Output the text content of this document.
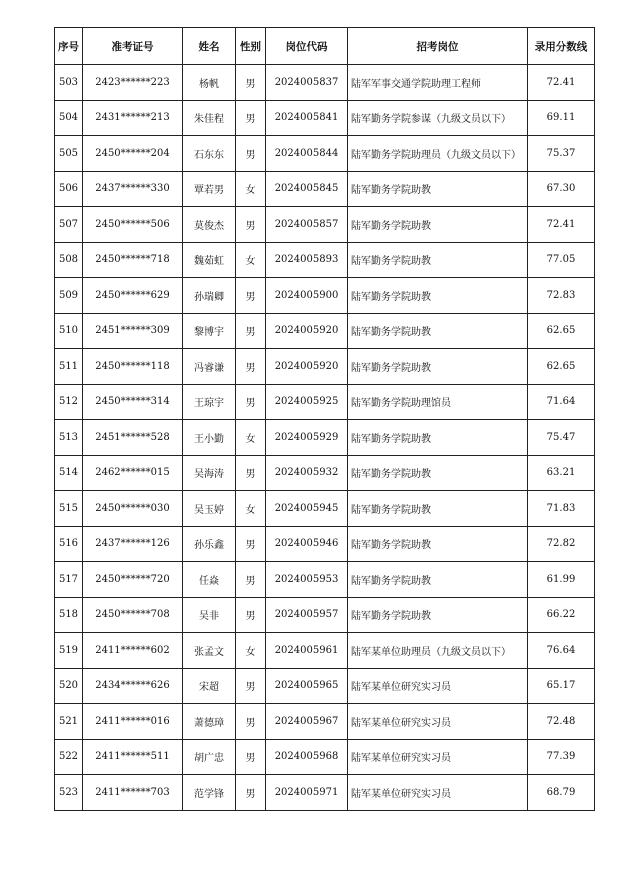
序号	准考证号	姓名	性别	岗位代码	招考岗位	录用分数线
503	2423******223	杨帆	男	2024005837	陆军军事交通学院助理工程师	72.41
504	2431******213	朱佳程	男	2024005841	陆军勤务学院参谋（九级文员以下）	69.11
505	2450******204	石东东	男	2024005844	陆军勤务学院助理员（九级文员以下）	75.37
506	2437******330	覃若男	女	2024005845	陆军勤务学院助教	67.30
507	2450******506	莫俊杰	男	2024005857	陆军勤务学院助教	72.41
508	2450******718	魏茹虹	女	2024005893	陆军勤务学院助教	77.05
509	2450******629	孙瑞卿	男	2024005900	陆军勤务学院助教	72.83
510	2451******309	黎博宇	男	2024005920	陆军勤务学院助教	62.65
511	2450******118	冯睿谦	男	2024005920	陆军勤务学院助教	62.65
512	2450******314	王琼宇	男	2024005925	陆军勤务学院助理馆员	71.64
513	2451******528	王小勤	女	2024005929	陆军勤务学院助教	75.47
514	2462******015	吴海涛	男	2024005932	陆军勤务学院助教	63.21
515	2450******030	吴玉婷	女	2024005945	陆军勤务学院助教	71.83
516	2437******126	孙乐鑫	男	2024005946	陆军勤务学院助教	72.82
517	2450******720	任焱	男	2024005953	陆军勤务学院助教	61.99
518	2450******708	吴非	男	2024005957	陆军勤务学院助教	66.22
519	2411******602	张孟文	女	2024005961	陆军某单位助理员（九级文员以下）	76.64
520	2434******626	宋超	男	2024005965	陆军某单位研究实习员	65.17
521	2411******016	萧德璋	男	2024005967	陆军某单位研究实习员	72.48
522	2411******511	胡广忠	男	2024005968	陆军某单位研究实习员	77.39
523	2411******703	范学锋	男	2024005971	陆军某单位研究实习员	68.79
